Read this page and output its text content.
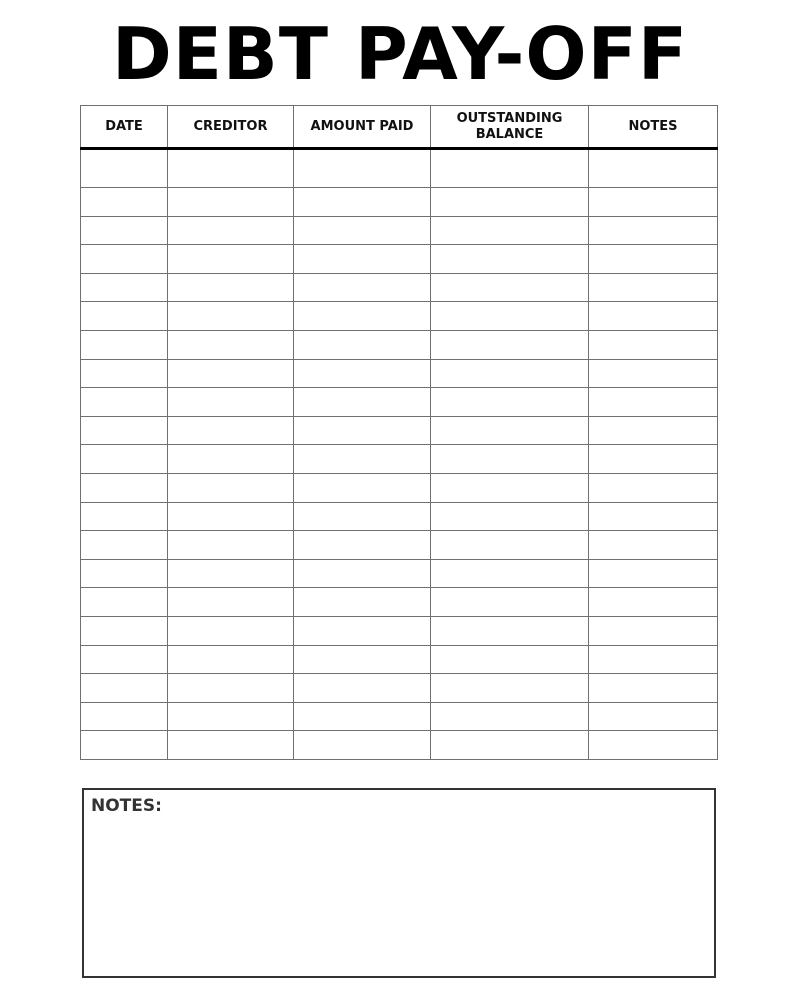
DEBT PAY-OFF
DATE	CREDITOR	AMOUNT PAID	OUTSTANDING BALANCE	NOTES

NOTES:
